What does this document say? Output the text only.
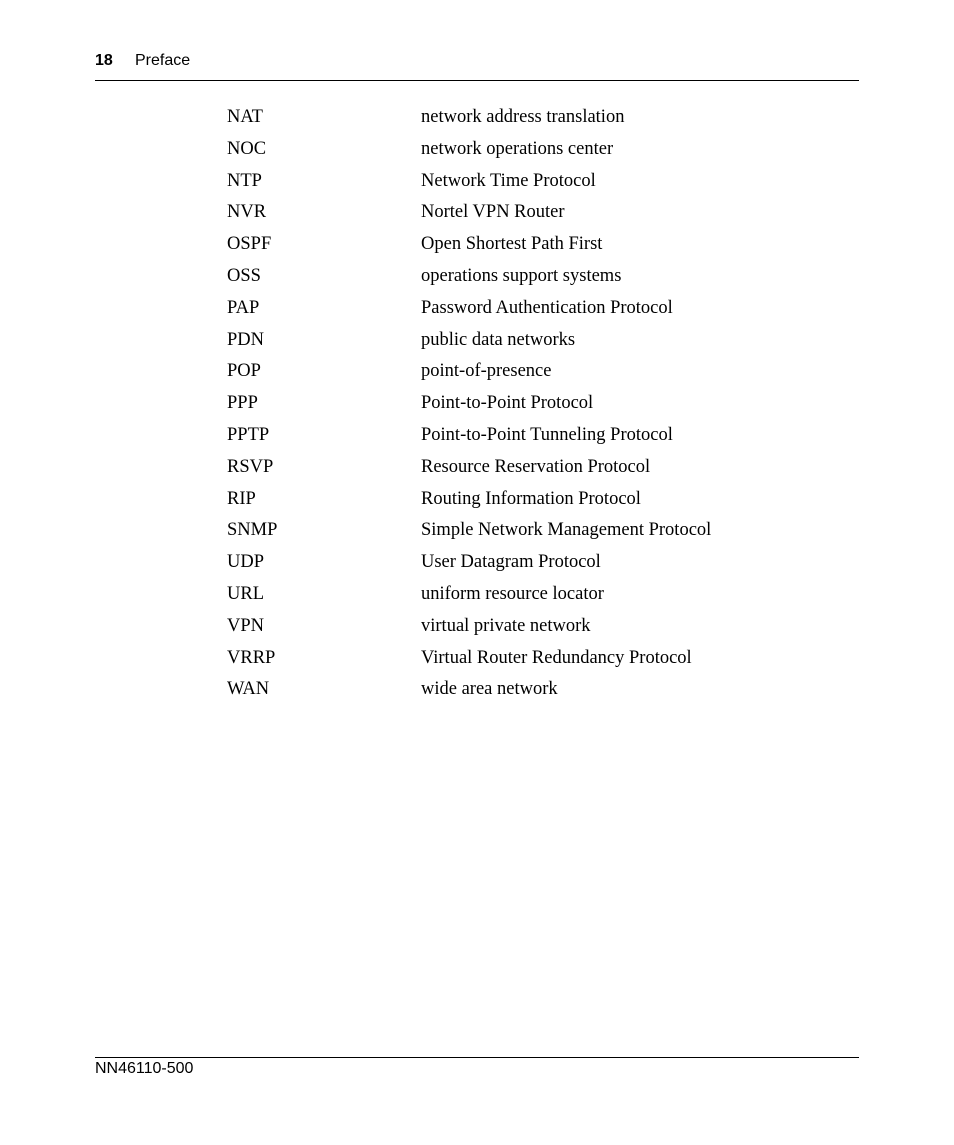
18 Preface
NAT	network address translation
NOC	network operations center
NTP	Network Time Protocol
NVR	Nortel VPN Router
OSPF	Open Shortest Path First
OSS	operations support systems
PAP	Password Authentication Protocol
PDN	public data networks
POP	point-of-presence
PPP	Point-to-Point Protocol
PPTP	Point-to-Point Tunneling Protocol
RSVP	Resource Reservation Protocol
RIP	Routing Information Protocol
SNMP	Simple Network Management Protocol
UDP	User Datagram Protocol
URL	uniform resource locator
VPN	virtual private network
VRRP	Virtual Router Redundancy Protocol
WAN	wide area network
NN46110-500
